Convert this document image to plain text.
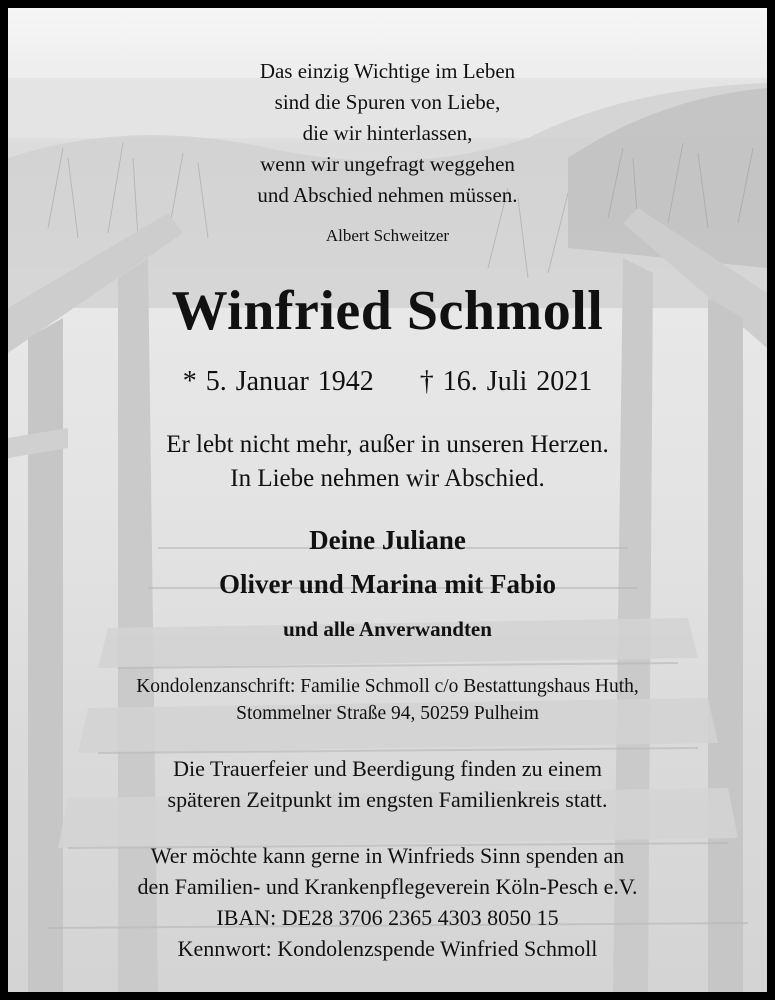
Das einzig Wichtige im Leben
sind die Spuren von Liebe,
die wir hinterlassen,
wenn wir ungefragt weggehen
und Abschied nehmen müssen.
Albert Schweitzer
Winfried Schmoll
* 5. Januar 1942 † 16. Juli 2021
Er lebt nicht mehr, außer in unseren Herzen.
In Liebe nehmen wir Abschied.
Deine Juliane
Oliver und Marina mit Fabio
und alle Anverwandten
Kondolenzanschrift: Familie Schmoll c/o Bestattungshaus Huth,
Stommelner Straße 94, 50259 Pulheim
Die Trauerfeier und Beerdigung finden zu einem
späteren Zeitpunkt im engsten Familienkreis statt.
Wer möchte kann gerne in Winfrieds Sinn spenden an
den Familien- und Krankenpflegeverein Köln-Pesch e.V.
IBAN: DE28 3706 2365 4303 8050 15
Kennwort: Kondolenzspende Winfried Schmoll
